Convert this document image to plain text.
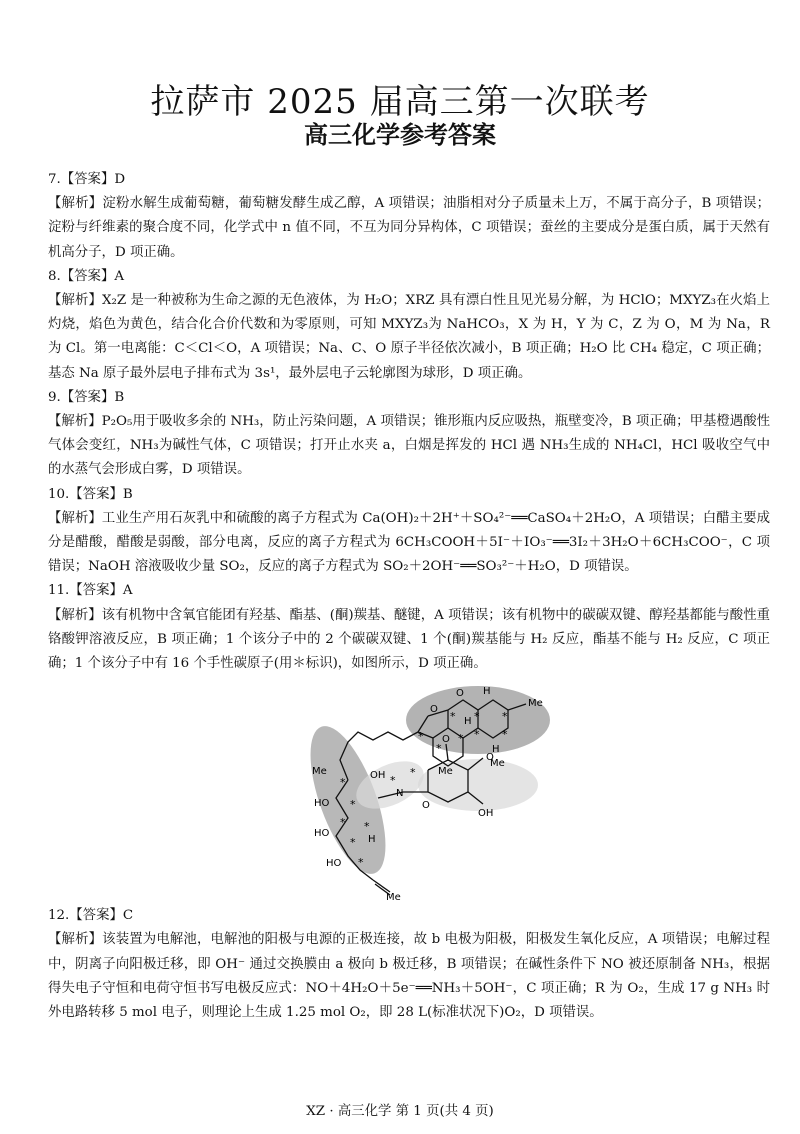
拉萨市 2025 届高三第一次联考
高三化学参考答案
7.【答案】D
【解析】淀粉水解生成葡萄糖，葡萄糖发酵生成乙醇，A 项错误；油脂相对分子质量未上万，不属于高分子，B 项错误；淀粉与纤维素的聚合度不同，化学式中 n 值不同，不互为同分异构体，C 项错误；蚕丝的主要成分是蛋白质，属于天然有机高分子，D 项正确。
8.【答案】A
【解析】X₂Z 是一种被称为生命之源的无色液体，为 H₂O；XRZ 具有漂白性且见光易分解，为 HClO；MXYZ₃在火焰上灼烧，焰色为黄色，结合化合价代数和为零原则，可知 MXYZ₃为 NaHCO₃，X 为 H，Y 为 C，Z 为 O，M 为 Na，R 为 Cl。第一电离能：C＜Cl＜O，A 项错误；Na、C、O 原子半径依次减小，B 项正确；H₂O 比 CH₄ 稳定，C 项正确；基态 Na 原子最外层电子排布式为 3s¹，最外层电子云轮廓图为球形，D 项正确。
9.【答案】B
【解析】P₂O₅用于吸收多余的 NH₃，防止污染问题，A 项错误；锥形瓶内反应吸热，瓶壁变冷，B 项正确；甲基橙遇酸性气体会变红，NH₃为碱性气体，C 项错误；打开止水夹 a，白烟是挥发的 HCl 遇 NH₃生成的 NH₄Cl，HCl 吸收空气中的水蒸气会形成白雾，D 项错误。
10.【答案】B
【解析】工业生产用石灰乳中和硫酸的离子方程式为 Ca(OH)₂＋2H⁺＋SO₄²⁻══CaSO₄＋2H₂O，A 项错误；白醋主要成分是醋酸，醋酸是弱酸，部分电离，反应的离子方程式为 6CH₃COOH＋5I⁻＋IO₃⁻══3I₂＋3H₂O＋6CH₃COO⁻，C 项错误；NaOH 溶液吸收少量 SO₂，反应的离子方程式为 SO₂＋2OH⁻══SO₃²⁻＋H₂O，D 项错误。
11.【答案】A
【解析】该有机物中含氧官能团有羟基、酯基、(酮)羰基、醚键，A 项错误；该有机物中的碳碳双键、醇羟基都能与酸性重铬酸钾溶液反应，B 项正确；1 个该分子中的 2 个碳碳双键、1 个(酮)羰基能与 H₂ 反应，酯基不能与 H₂ 反应，C 项正确；1 个该分子中有 16 个手性碳原子(用＊标识)，如图所示，D 项正确。
O H
Me
O
H
Me
H
Me
O
O
O
N
OH
Me	OH
HO
HO
HO
H
Me
* * *
*
*
*
*	*
*
*
*
*
*
*
*
*
12.【答案】C
【解析】该装置为电解池，电解池的阳极与电源的正极连接，故 b 电极为阳极，阳极发生氧化反应，A 项错误；电解过程中，阴离子向阳极迁移，即 OH⁻ 通过交换膜由 a 极向 b 极迁移，B 项错误；在碱性条件下 NO 被还原制备 NH₃，根据得失电子守恒和电荷守恒书写电极反应式：NO＋4H₂O＋5e⁻══NH₃＋5OH⁻，C 项正确；R 为 O₂，生成 17 g NH₃ 时外电路转移 5 mol 电子，则理论上生成 1.25 mol O₂，即 28 L(标准状况下)O₂，D 项错误。
XZ · 高三化学 第 1 页(共 4 页)
